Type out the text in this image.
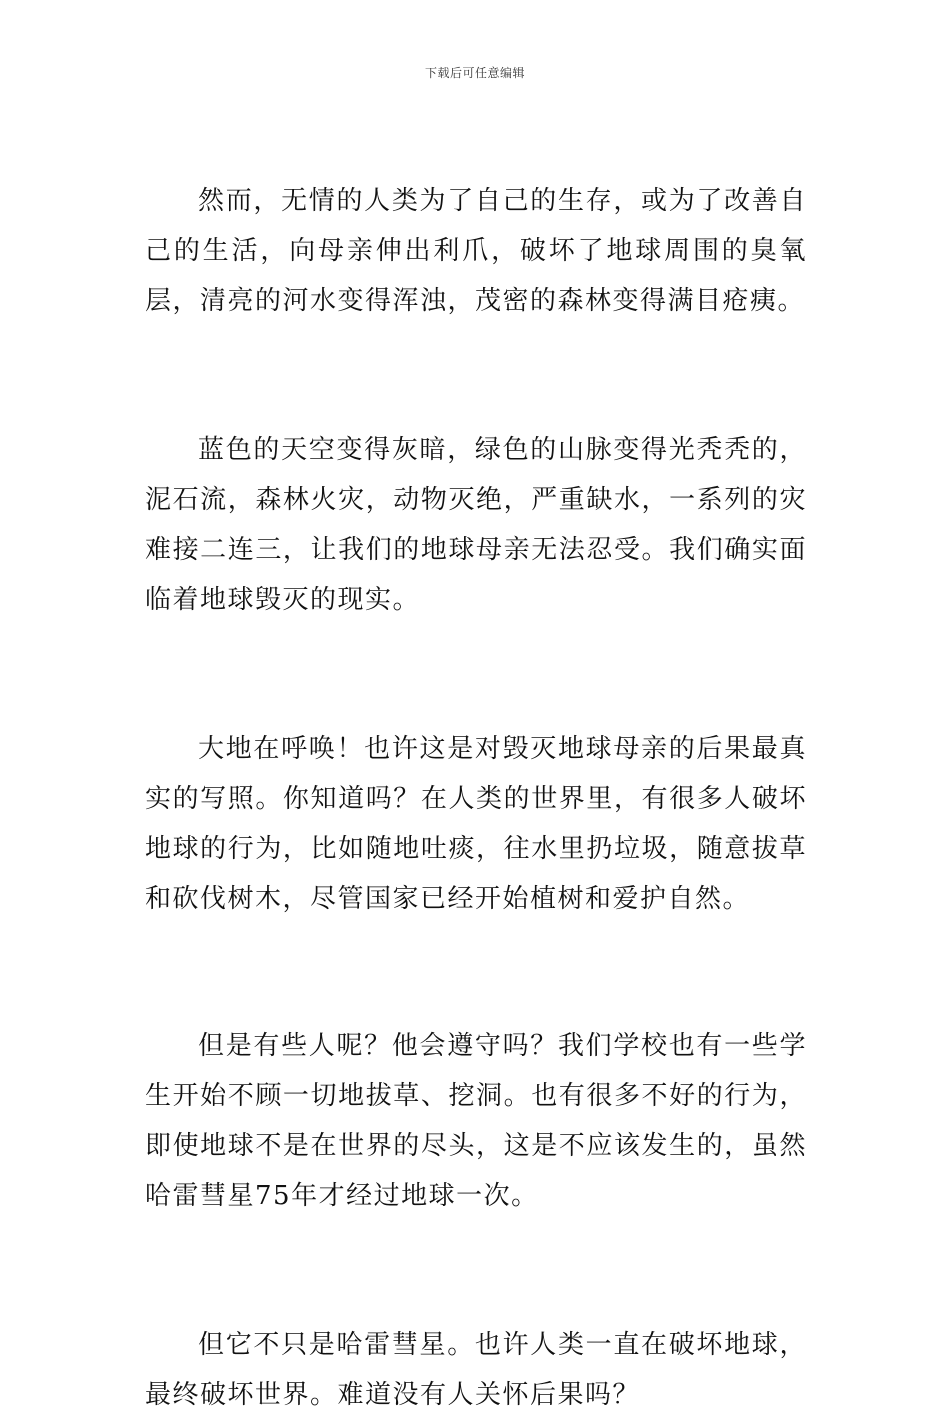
下载后可任意编辑

然而，无情的人类为了自己的生存，或为了改善自己的生活，向母亲伸出利爪，破坏了地球周围的臭氧层，清亮的河水变得浑浊，茂密的森林变得满目疮痍。

蓝色的天空变得灰暗，绿色的山脉变得光秃秃的，泥石流，森林火灾，动物灭绝，严重缺水，一系列的灾难接二连三，让我们的地球母亲无法忍受。我们确实面临着地球毁灭的现实。

大地在呼唤！也许这是对毁灭地球母亲的后果最真实的写照。你知道吗？在人类的世界里，有很多人破坏地球的行为，比如随地吐痰，往水里扔垃圾，随意拔草和砍伐树木，尽管国家已经开始植树和爱护自然。

但是有些人呢？他会遵守吗？我们学校也有一些学生开始不顾一切地拔草、挖洞。也有很多不好的行为，即使地球不是在世界的尽头，这是不应该发生的，虽然哈雷彗星75年才经过地球一次。

但它不只是哈雷彗星。也许人类一直在破坏地球，最终破坏世界。难道没有人关怀后果吗？
